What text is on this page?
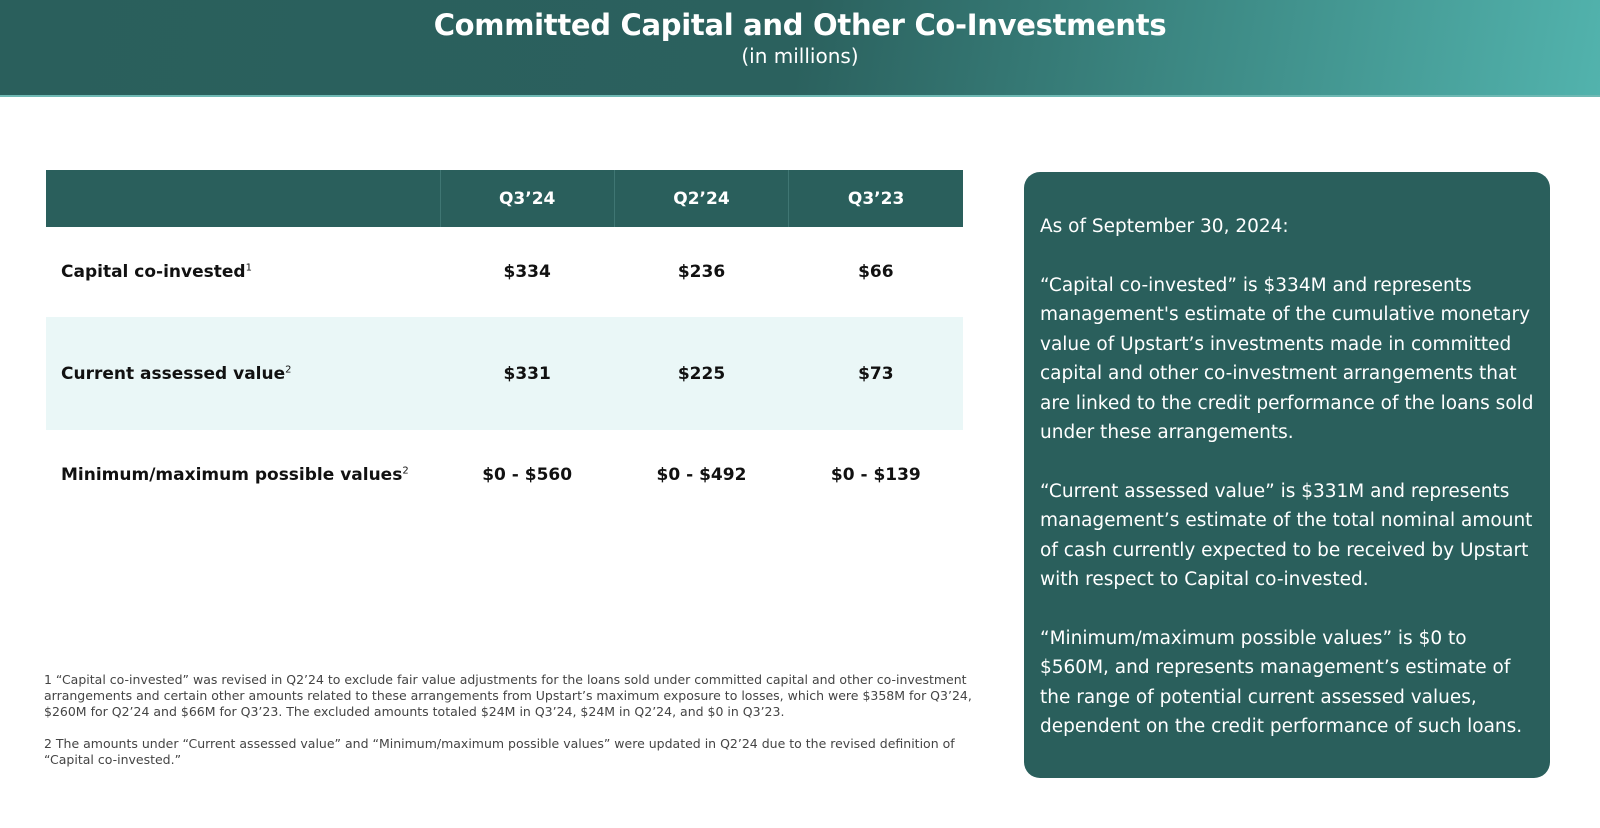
Committed Capital and Other Co-Investments
(in millions)
	Q3’24	Q2’24	Q3’23
Capital co-invested$^1$	$334	$236	$66
Current assessed value$^2$	$331	$225	$73
Minimum/maximum possible values$^2$	$0 - $560	$0 - $492	$0 - $139

1 “Capital co-invested” was revised in Q2’24 to exclude fair value adjustments for the loans sold under committed capital and other co-investment arrangements and certain other amounts related to these arrangements from Upstart’s maximum exposure to losses, which were $358M for Q3’24, $260M for Q2’24 and $66M for Q3’23. The excluded amounts totaled $24M in Q3’24, $24M in Q2’24, and $0 in Q3’23.

2 The amounts under “Current assessed value” and “Minimum/maximum possible values” were updated in Q2’24 due to the revised definition of “Capital co-invested.”

As of September 30, 2024:

“Capital co-invested” is $334M and represents management's estimate of the cumulative monetary value of Upstart’s investments made in committed capital and other co-investment arrangements that are linked to the credit performance of the loans sold under these arrangements.

“Current assessed value” is $331M and represents management’s estimate of the total nominal amount of cash currently expected to be received by Upstart with respect to Capital co-invested.

“Minimum/maximum possible values” is $0 to $560M, and represents management’s estimate of the range of potential current assessed values, dependent on the credit performance of such loans.
